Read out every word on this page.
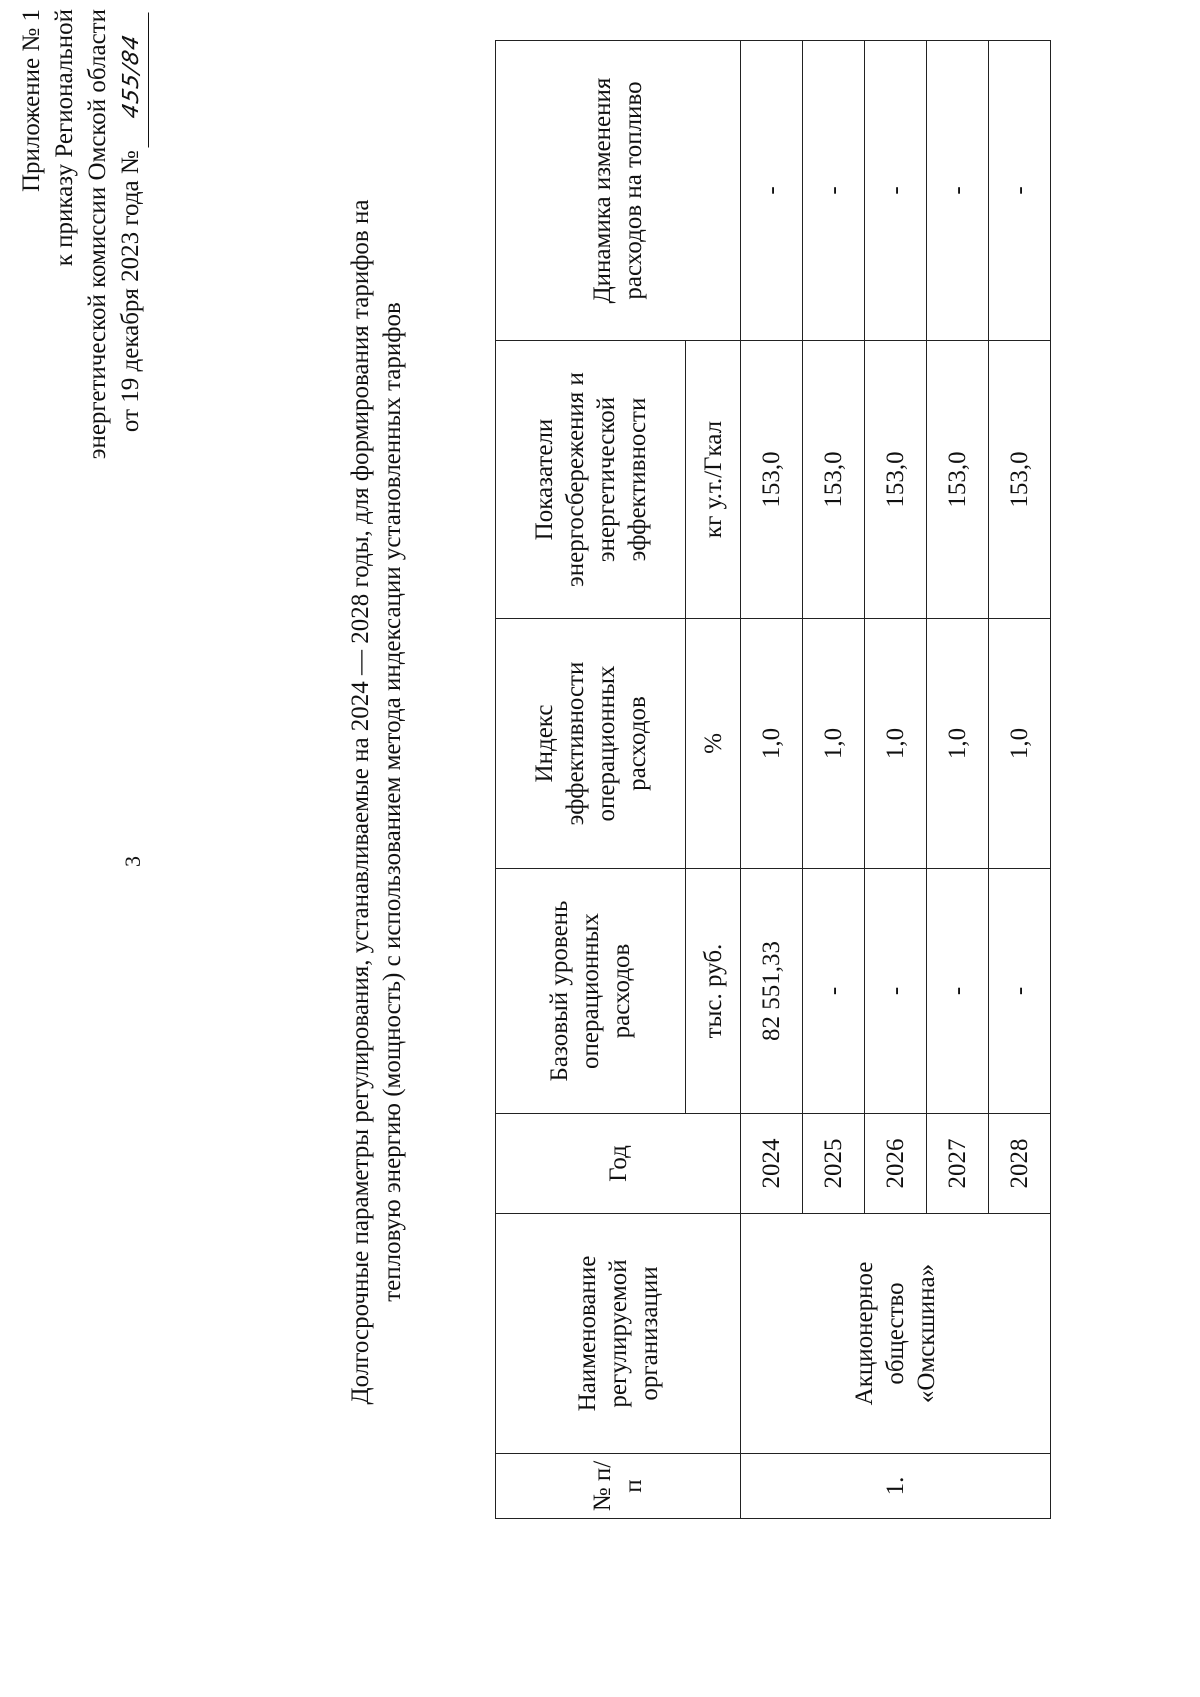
3
Приложение № 1 к приказу Региональной энергетической комиссии Омской области от 19 декабря 2023 года № 455/84
Долгосрочные параметры регулирования, устанавливаемые на 2024 — 2028 годы, для формирования тарифов на тепловую энергию (мощность) с использованием метода индексации установленных тарифов
№ п/п	Наименование регулируемой организации	Год	Базовый уровень операционных расходов	Индекс эффективности операционных расходов	Показатели энергосбережения и энергетической эффективности	Динамика изменения расходов на топливо
			тыс. руб.	%	кг у.т./Гкал	
1.	Акционерное общество «Омскшина»	2024	82 551,33	1,0	153,0	-
		2025	-	1,0	153,0	-
		2026	-	1,0	153,0	-
		2027	-	1,0	153,0	-
		2028	-	1,0	153,0	-
